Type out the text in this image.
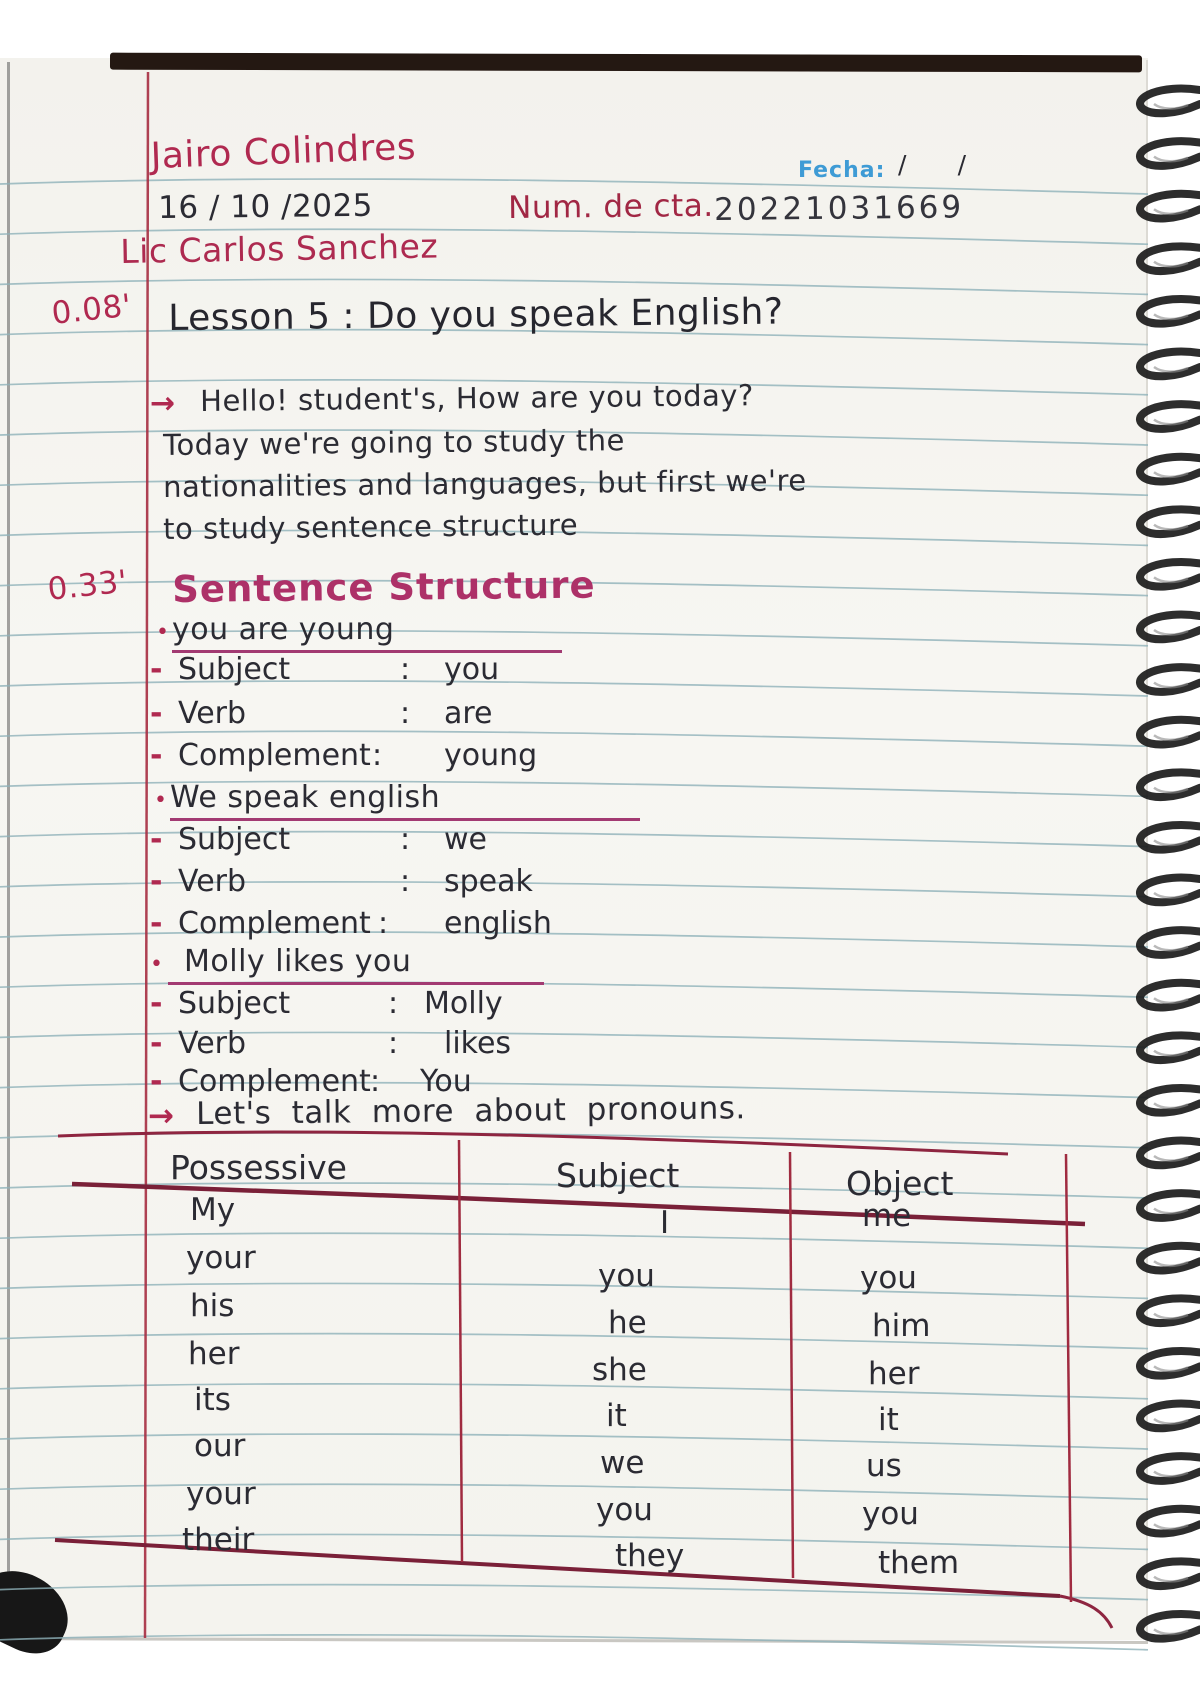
Jairo Colindres	Fecha: /      /
16 / 10 /2025	Num. de cta. 20221031669
Lic Carlos Sanchez
0.08' Lesson 5 : Do you speak English?
→ Hello! student's, How are you today?
Today we're going to study the
nationalities and languages, but first we're
to study sentence structure
0.33' Sentence Structure
• you are young
- Subject	: you
- Verb	: are
- Complement : young
• We speak english
- Subject	: we
- Verb	: speak
- Complement : english
• Molly likes you
- Subject	: Molly
- Verb	: likes
- Complement : You
→ Let's talk more about pronouns.
Possessive	Subject	Object
My	I	me
your	you	you
his	he	him
her	she	her
its	it	it
our	we	us
your	you	you
their	they	them
